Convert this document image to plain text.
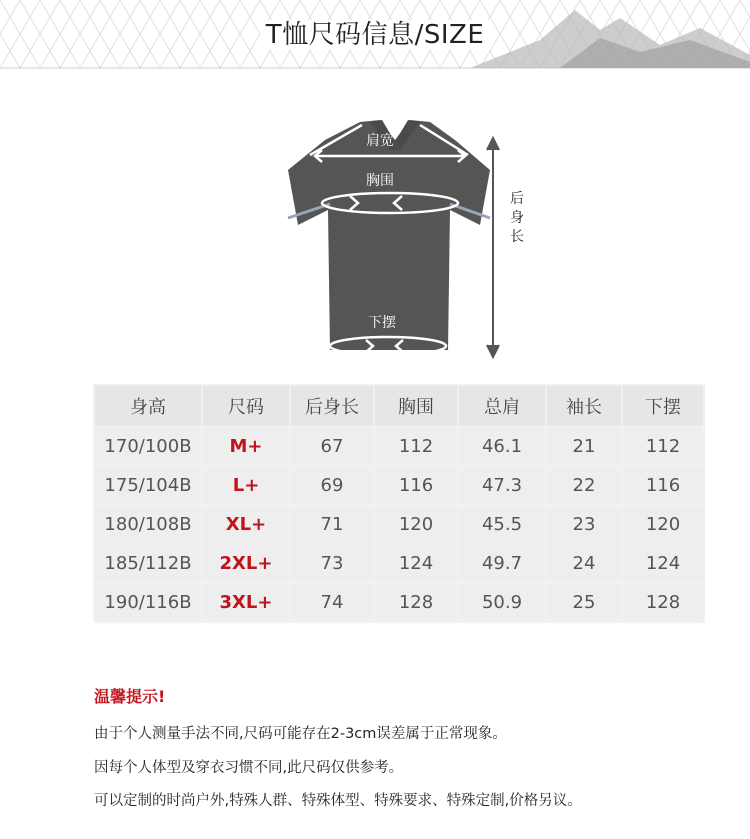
T恤尺码信息/SIZE
肩宽
胸围
下摆
后
身
长
身高	尺码	后身长	胸围	总肩	袖长	下摆
170/100B	M+	67	112	46.1	21	112
175/104B	L+	69	116	47.3	22	116
180/108B	XL+	71	120	45.5	23	120
185/112B	2XL+	73	124	49.7	24	124
190/116B	3XL+	74	128	50.9	25	128
温馨提示!
由于个人测量手法不同,尺码可能存在2-3cm误差属于正常现象。
因每个人体型及穿衣习惯不同,此尺码仅供参考。
可以定制的时尚户外,特殊人群、特殊体型、特殊要求、特殊定制,价格另议。
